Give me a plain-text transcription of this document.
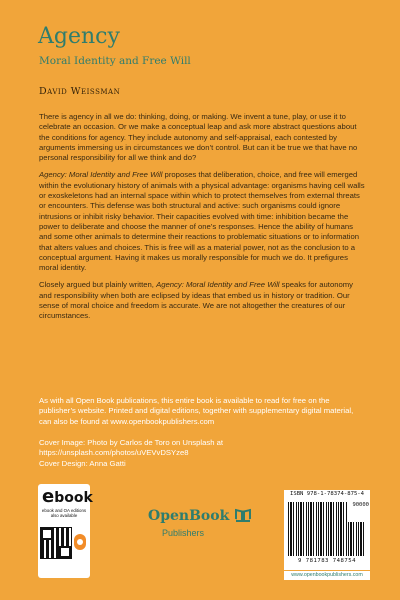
Agency
Moral Identity and Free Will
David Weissman

There is agency in all we do: thinking, doing, or making. We invent a tune, play, or use it to celebrate an occasion. Or we make a conceptual leap and ask more abstract questions about the conditions for agency. They include autonomy and self-appraisal, each contested by arguments immersing us in circumstances we don’t control. But can it be true we that have no personal responsibility for all we think and do?

Agency: Moral Identity and Free Will proposes that deliberation, choice, and free will emerged within the evolutionary history of animals with a physical advantage: organisms having cell walls or exoskeletons had an internal space within which to protect themselves from external threats or encounters. This defense was both structural and active: such organisms could ignore intrusions or inhibit risky behavior. Their capacities evolved with time: inhibition became the power to deliberate and choose the manner of one’s responses. Hence the ability of humans and some other animals to determine their reactions to problematic situations or to information that alters values and choices. This is free will as a material power, not as the conclusion to a conceptual argument. Having it makes us morally responsible for much we do. It prefigures moral identity.

Closely argued but plainly written, Agency: Moral Identity and Free Will speaks for autonomy and responsibility when both are eclipsed by ideas that embed us in history or tradition. Our sense of moral choice and freedom is accurate. We are not altogether the creatures of our circumstances.

As with all Open Book publications, this entire book is available to read for free on the publisher’s website. Printed and digital editions, together with supplementary digital material, can also be found at www.openbookpublishers.com

Cover Image: Photo by Carlos de Toro on Unsplash at https://unsplash.com/photos/uVEVvDSYze8
Cover Design: Anna Gatti
ebook
ebook and OA editions also available	OpenBook
Publishers
ISBN 978-1-78374-875-4
90000
9 781783 748754
www.openbookpublishers.com
